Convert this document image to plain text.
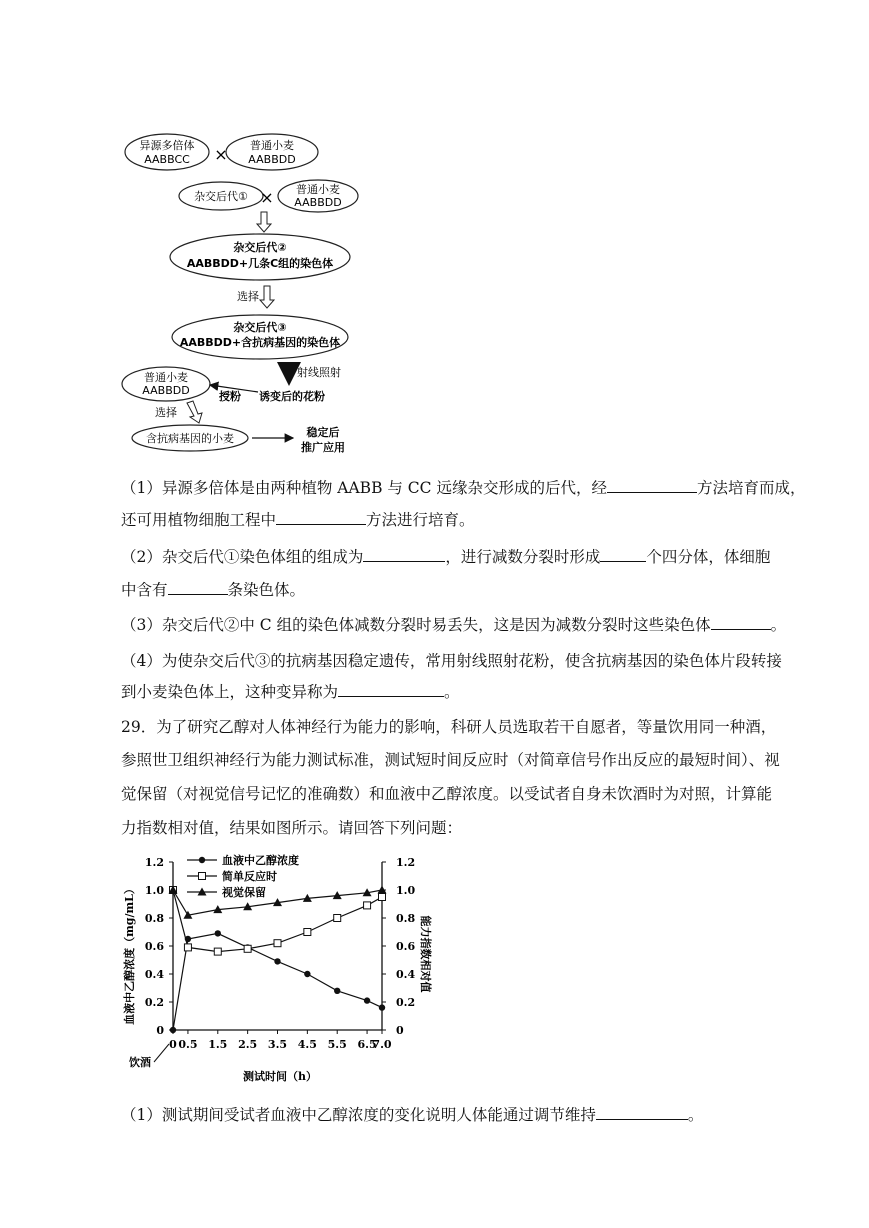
异源多倍体
AABBCC × 普通小麦
AABBDD
杂交后代① × 普通小麦
AABBDD
杂交后代②
AABBDD+几条C组的染色体
选择
杂交后代③
AABBDD+含抗病基因的染色体
射线照射
普通小麦
AABBDD	授粉 诱变后的花粉
选择
含抗病基因的小麦	稳定后
推广应用
（1）异源多倍体是由两种植物 AABB 与 CC 远缘杂交形成的后代，经	方法培育而成，
还可用植物细胞工程中	方法进行培育。
（2）杂交后代①染色体组的组成为	，进行减数分裂时形成	个四分体，体细胞
中含有	条染色体。
（3）杂交后代②中 C 组的染色体减数分裂时易丢失，这是因为减数分裂时这些染色体	。
（4）为使杂交后代③的抗病基因稳定遗传，常用射线照射花粉，使含抗病基因的染色体片段转接
到小麦染色体上，这种变异称为	。
29．为了研究乙醇对人体神经行为能力的影响，科研人员选取若干自愿者，等量饮用同一种酒，
参照世卫组织神经行为能力测试标准，测试短时间反应时（对简章信号作出反应的最短时间）、视
觉保留（对视觉信号记忆的准确数）和血液中乙醇浓度。以受试者自身未饮酒时为对照，计算能
力指数相对值，结果如图所示。请回答下列问题：
0	0
0.2	0.2
0.4	0.4
0.6	0.6
0.8	0.8
1.0	1.0
1.2	1.2
0 0.5 1.5 2.5 3.5 4.5 5.5 6.5
7.0
血液中乙醇浓度
简单反应时
视觉保留
测试时间（h）
饮酒
血液中乙醇浓度（mg/mL）	能力指数相对值
（1）测试期间受试者血液中乙醇浓度的变化说明人体能通过调节维持	。
